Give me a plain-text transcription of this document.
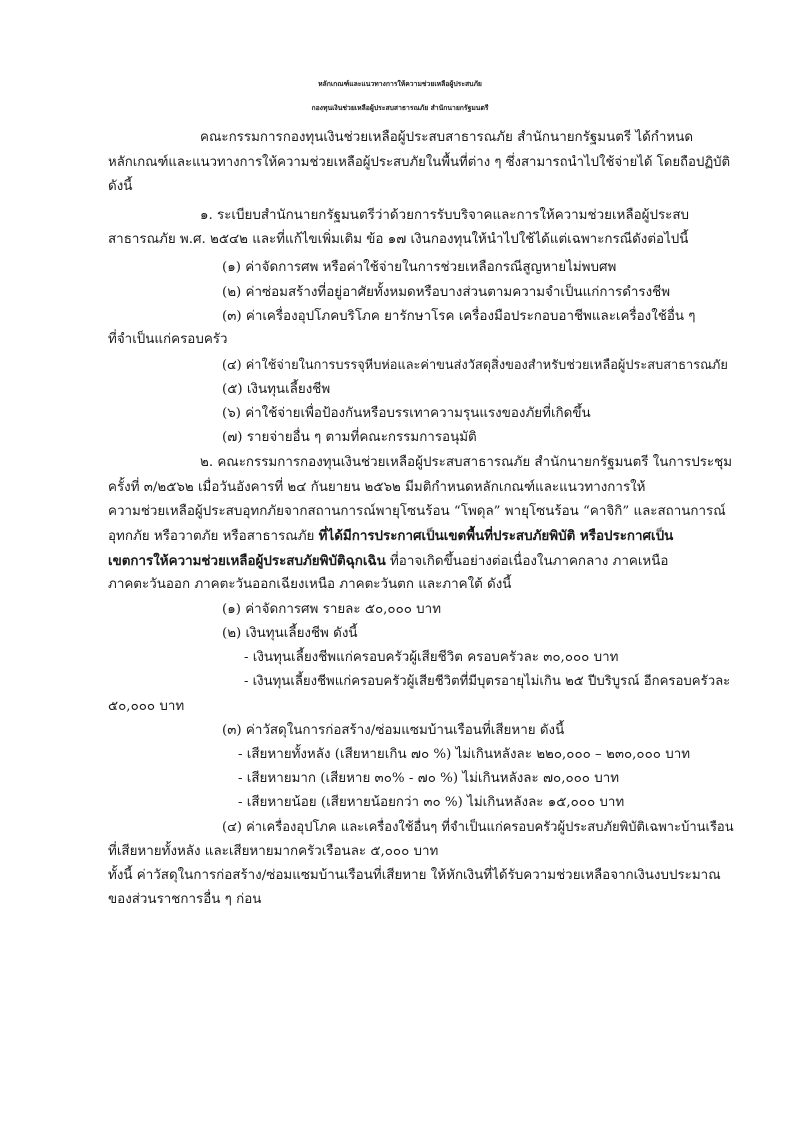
หลักเกณฑ์และแนวทางการให้ความช่วยเหลือผู้ประสบภัย
กองทุนเงินช่วยเหลือผู้ประสบสาธารณภัย สำนักนายกรัฐมนตรี
คณะกรรมการกองทุนเงินช่วยเหลือผู้ประสบสาธารณภัย สำนักนายกรัฐมนตรี ได้กำหนด
หลักเกณฑ์และแนวทางการให้ความช่วยเหลือผู้ประสบภัยในพื้นที่ต่าง ๆ ซึ่งสามารถนำไปใช้จ่ายได้ โดยถือปฏิบัติ
ดังนี้
๑. ระเบียบสำนักนายกรัฐมนตรีว่าด้วยการรับบริจาคและการให้ความช่วยเหลือผู้ประสบ
สาธารณภัย พ.ศ. ๒๕๔๒ และที่แก้ไขเพิ่มเติม ข้อ ๑๗ เงินกองทุนให้นำไปใช้ได้แต่เฉพาะกรณีดังต่อไปนี้
(๑) ค่าจัดการศพ หรือค่าใช้จ่ายในการช่วยเหลือกรณีสูญหายไม่พบศพ
(๒) ค่าซ่อมสร้างที่อยู่อาศัยทั้งหมดหรือบางส่วนตามความจำเป็นแก่การดำรงชีพ
(๓) ค่าเครื่องอุปโภคบริโภค ยารักษาโรค เครื่องมือประกอบอาชีพและเครื่องใช้อื่น ๆ
ที่จำเป็นแก่ครอบครัว
(๔) ค่าใช้จ่ายในการบรรจุหีบห่อและค่าขนส่งวัสดุสิ่งของสำหรับช่วยเหลือผู้ประสบสาธารณภัย
(๕) เงินทุนเลี้ยงชีพ
(๖) ค่าใช้จ่ายเพื่อป้องกันหรือบรรเทาความรุนแรงของภัยที่เกิดขึ้น
(๗) รายจ่ายอื่น ๆ ตามที่คณะกรรมการอนุมัติ
๒. คณะกรรมการกองทุนเงินช่วยเหลือผู้ประสบสาธารณภัย สำนักนายกรัฐมนตรี ในการประชุม
ครั้งที่ ๓/๒๕๖๒ เมื่อวันอังคารที่ ๒๔ กันยายน ๒๕๖๒ มีมติกำหนดหลักเกณฑ์และแนวทางการให้
ความช่วยเหลือผู้ประสบอุทกภัยจากสถานการณ์พายุโซนร้อน “โพดุล” พายุโซนร้อน “คาจิกิ” และสถานการณ์
อุทกภัย หรือวาตภัย หรือสาธารณภัย ที่ได้มีการประกาศเป็นเขตพื้นที่ประสบภัยพิบัติ หรือประกาศเป็น
เขตการให้ความช่วยเหลือผู้ประสบภัยพิบัติฉุกเฉิน ที่อาจเกิดขึ้นอย่างต่อเนื่องในภาคกลาง ภาคเหนือ
ภาคตะวันออก ภาคตะวันออกเฉียงเหนือ ภาคตะวันตก และภาคใต้ ดังนี้
(๑) ค่าจัดการศพ รายละ ๕๐,๐๐๐ บาท
(๒) เงินทุนเลี้ยงชีพ ดังนี้
- เงินทุนเลี้ยงชีพแก่ครอบครัวผู้เสียชีวิต ครอบครัวละ ๓๐,๐๐๐ บาท
- เงินทุนเลี้ยงชีพแก่ครอบครัวผู้เสียชีวิตที่มีบุตรอายุไม่เกิน ๒๕ ปีบริบูรณ์ อีกครอบครัวละ
๕๐,๐๐๐ บาท
(๓) ค่าวัสดุในการก่อสร้าง/ซ่อมแซมบ้านเรือนที่เสียหาย ดังนี้
- เสียหายทั้งหลัง (เสียหายเกิน ๗๐ %) ไม่เกินหลังละ ๒๒๐,๐๐๐ – ๒๓๐,๐๐๐ บาท
- เสียหายมาก (เสียหาย ๓๐% - ๗๐ %) ไม่เกินหลังละ ๗๐,๐๐๐ บาท
- เสียหายน้อย (เสียหายน้อยกว่า ๓๐ %) ไม่เกินหลังละ ๑๕,๐๐๐ บาท
(๔) ค่าเครื่องอุปโภค และเครื่องใช้อื่นๆ ที่จำเป็นแก่ครอบครัวผู้ประสบภัยพิบัติเฉพาะบ้านเรือน
ที่เสียหายทั้งหลัง และเสียหายมากครัวเรือนละ ๕,๐๐๐ บาท
ทั้งนี้ ค่าวัสดุในการก่อสร้าง/ซ่อมแซมบ้านเรือนที่เสียหาย ให้หักเงินที่ได้รับความช่วยเหลือจากเงินงบประมาณ
ของส่วนราชการอื่น ๆ ก่อน
